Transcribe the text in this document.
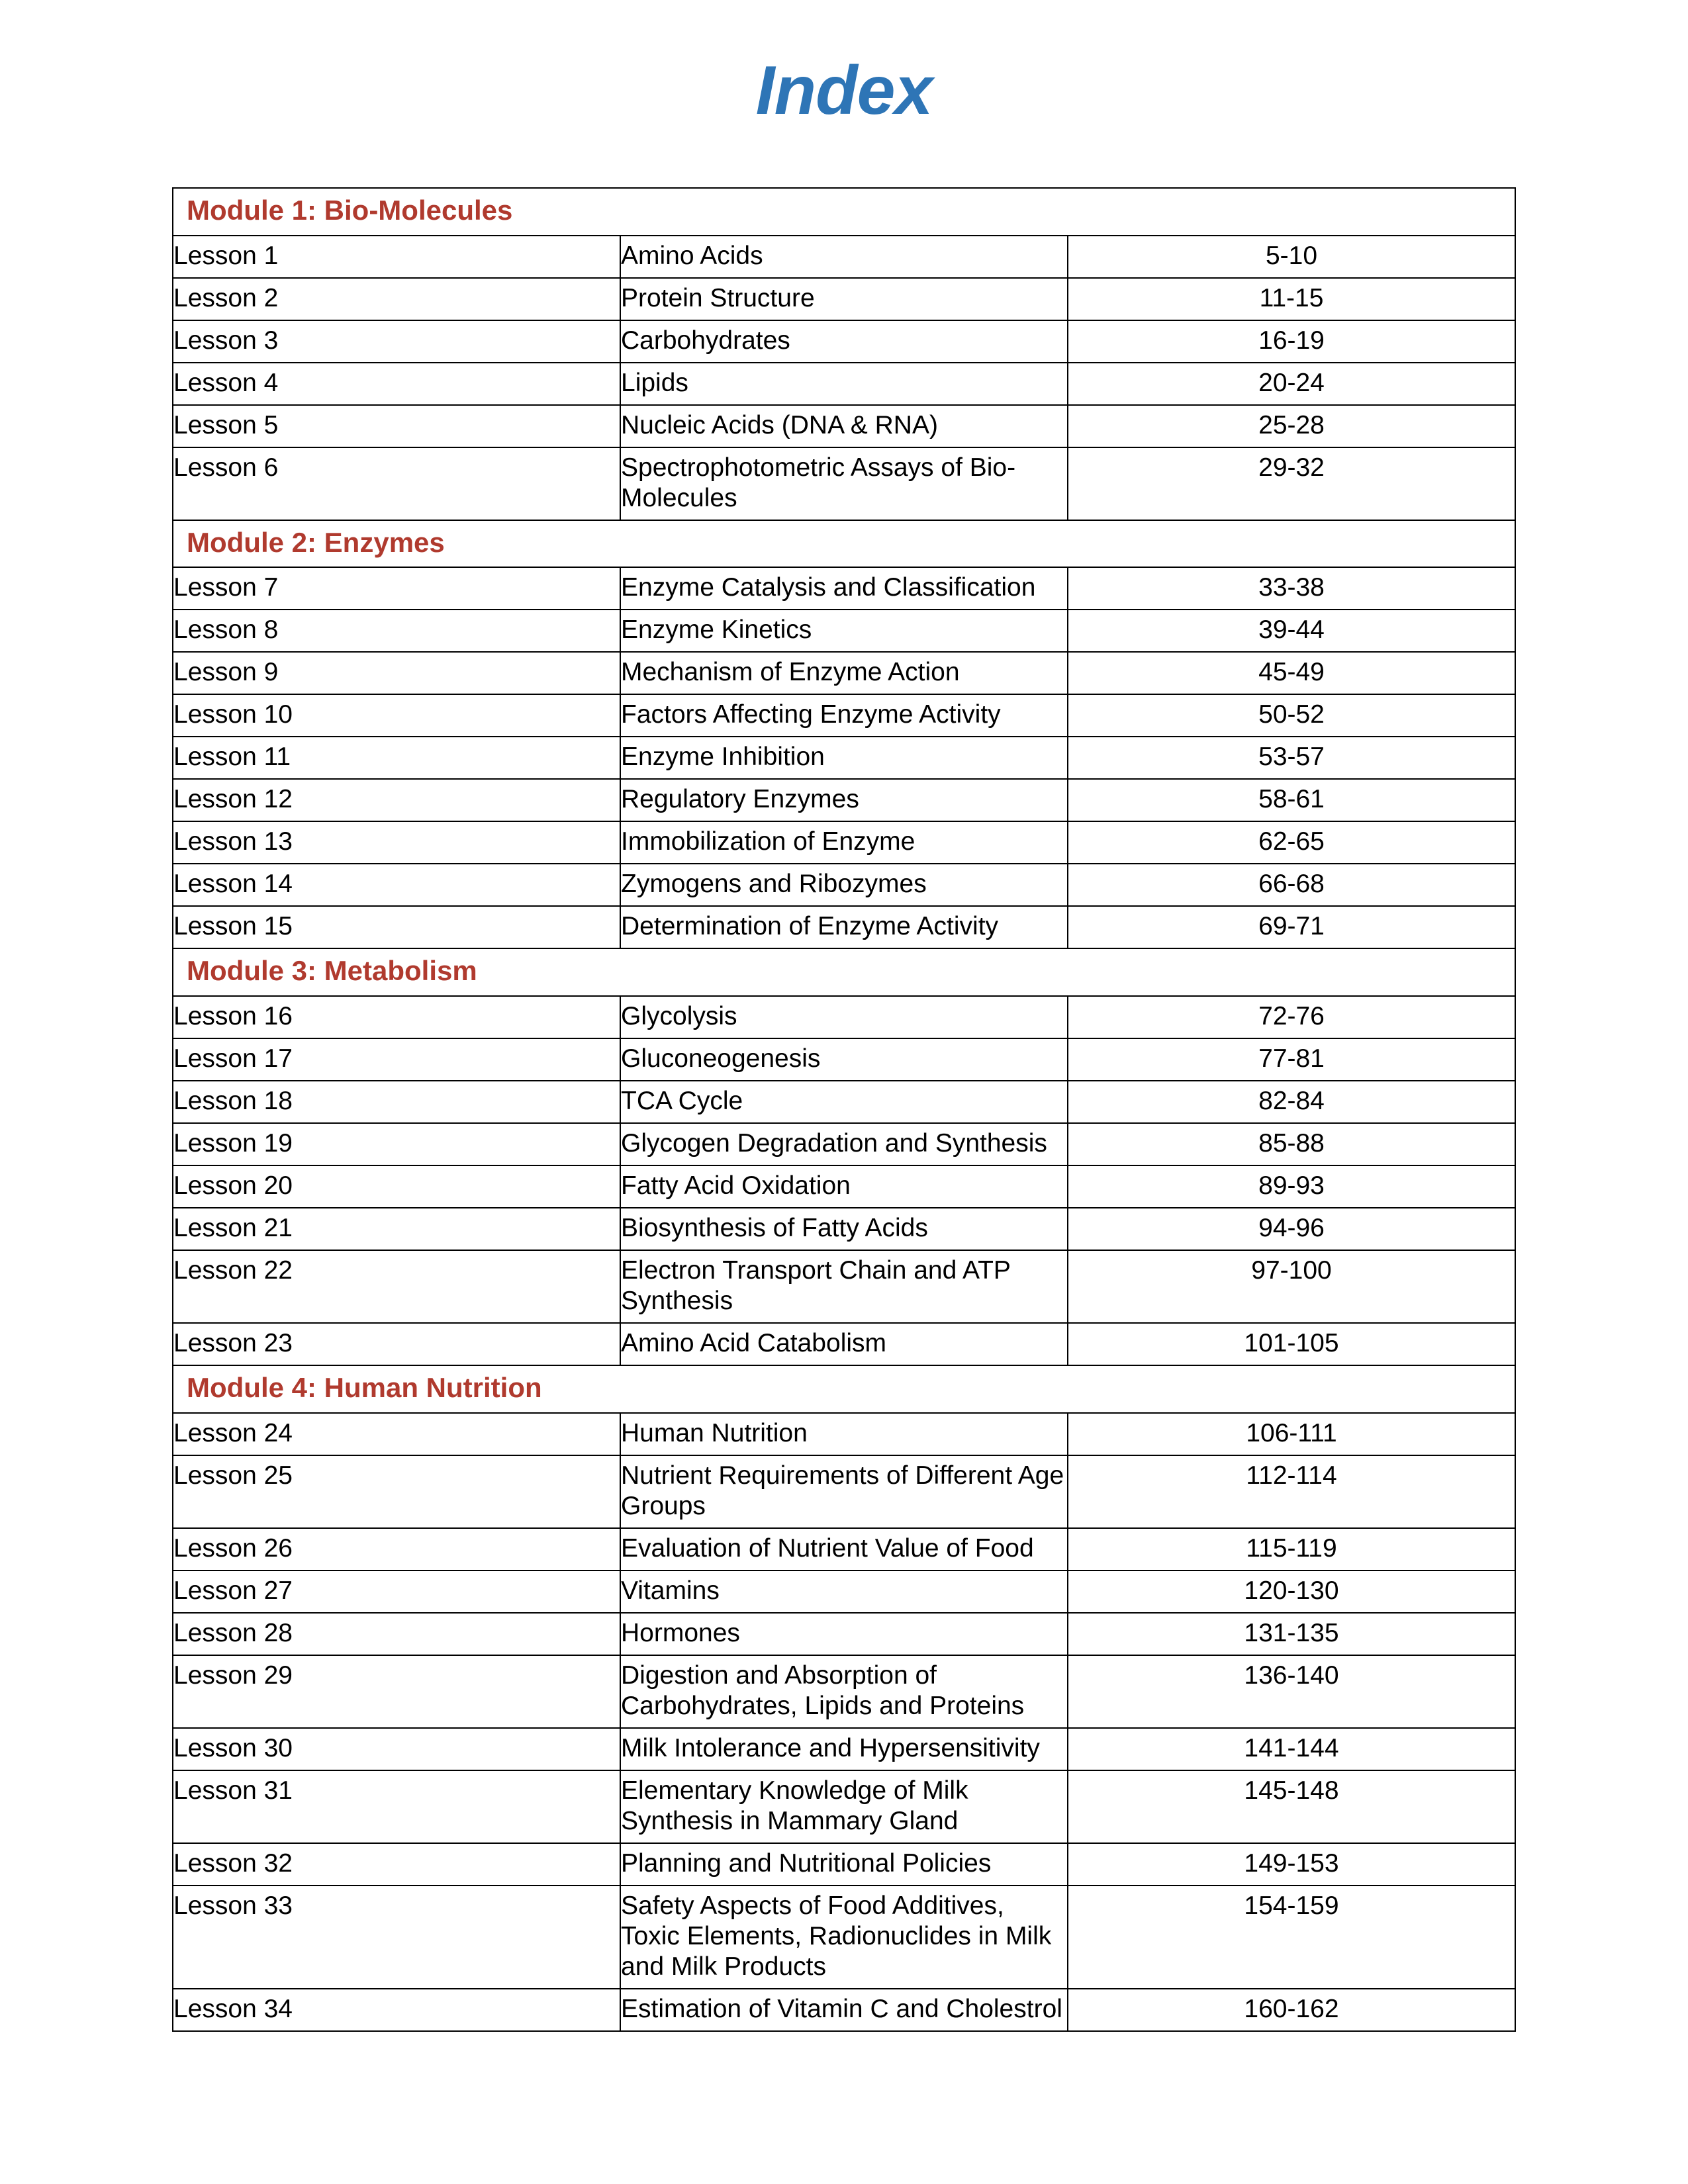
Index
Module 1: Bio-Molecules		
Lesson 1	Amino Acids	5-10
Lesson 2	Protein Structure	11-15
Lesson 3	Carbohydrates	16-19
Lesson 4	Lipids	20-24
Lesson 5	Nucleic Acids (DNA & RNA)	25-28
Lesson 6	Spectrophotometric Assays of Bio-Molecules	29-32
Module 2: Enzymes		
Lesson 7	Enzyme Catalysis and Classification	33-38
Lesson 8	Enzyme Kinetics	39-44
Lesson 9	Mechanism of Enzyme Action	45-49
Lesson 10	Factors Affecting Enzyme Activity	50-52
Lesson 11	Enzyme Inhibition	53-57
Lesson 12	Regulatory Enzymes	58-61
Lesson 13	Immobilization of Enzyme	62-65
Lesson 14	Zymogens and Ribozymes	66-68
Lesson 15	Determination of Enzyme Activity	69-71
Module 3: Metabolism		
Lesson 16	Glycolysis	72-76
Lesson 17	Gluconeogenesis	77-81
Lesson 18	TCA Cycle	82-84
Lesson 19	Glycogen Degradation and Synthesis	85-88
Lesson 20	Fatty Acid Oxidation	89-93
Lesson 21	Biosynthesis of Fatty Acids	94-96
Lesson 22	Electron Transport Chain and ATP Synthesis	97-100
Lesson 23	Amino Acid Catabolism	101-105
Module 4: Human Nutrition		
Lesson 24	Human Nutrition	106-111
Lesson 25	Nutrient Requirements of Different Age Groups	112-114
Lesson 26	Evaluation of Nutrient Value of Food	115-119
Lesson 27	Vitamins	120-130
Lesson 28	Hormones	131-135
Lesson 29	Digestion and Absorption of Carbohydrates, Lipids and Proteins	136-140
Lesson 30	Milk Intolerance and Hypersensitivity	141-144
Lesson 31	Elementary Knowledge of Milk Synthesis in Mammary Gland	145-148
Lesson 32	Planning and Nutritional Policies	149-153
Lesson 33	Safety Aspects of Food Additives, Toxic Elements, Radionuclides in Milk and Milk Products	154-159
Lesson 34	Estimation of Vitamin C and Cholestrol	160-162
